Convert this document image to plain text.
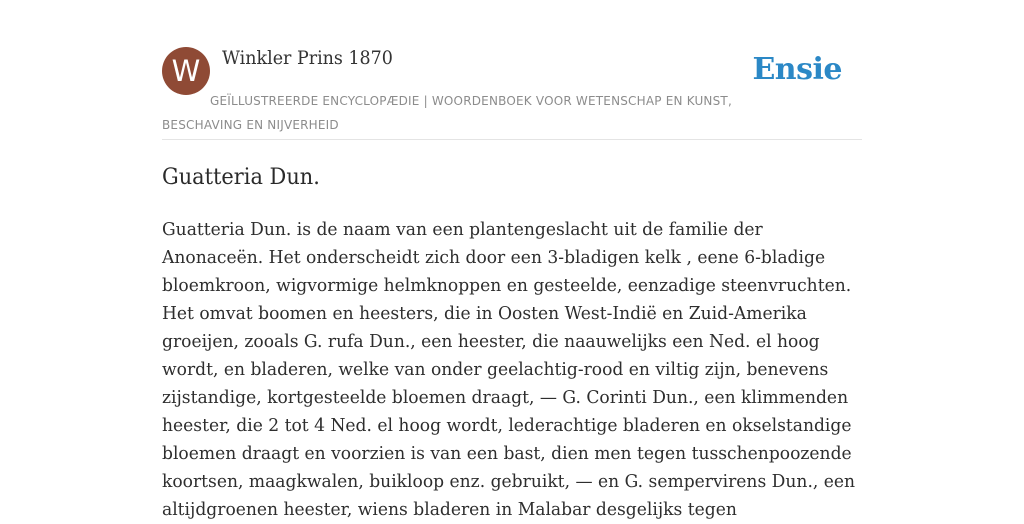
W	Winkler Prins 1870	Ensie
GEÏLLUSTREERDE ENCYCLOPÆDIE | WOORDENBOEK VOOR WETENSCHAP EN KUNST, BESCHAVING EN NIJVERHEID
Guatteria Dun.

Guatteria Dun. is de naam van een plantengeslacht uit de familie der Anonaceën. Het onderscheidt zich door een 3-bladigen kelk , eene 6-bladige bloemkroon, wigvormige helmknoppen en gesteelde, eenzadige steenvruchten. Het omvat boomen en heesters, die in Oosten West-Indië en Zuid-Amerika groeijen, zooals G. rufa Dun., een heester, die naauwelijks een Ned. el hoog wordt, en bladeren, welke van onder geelachtig-rood en viltig zijn, benevens zijstandige, kortgesteelde bloemen draagt, — G. Corinti Dun., een klimmenden heester, die 2 tot 4 Ned. el hoog wordt, lederachtige bladeren en okselstandige bloemen draagt en voorzien is van een bast, dien men tegen tusschenpoozende koortsen, maagkwalen, buikloop enz. gebruikt, — en G. sempervirens Dun., een altijdgroenen heester, wiens bladeren in Malabar desgelijks tegen
